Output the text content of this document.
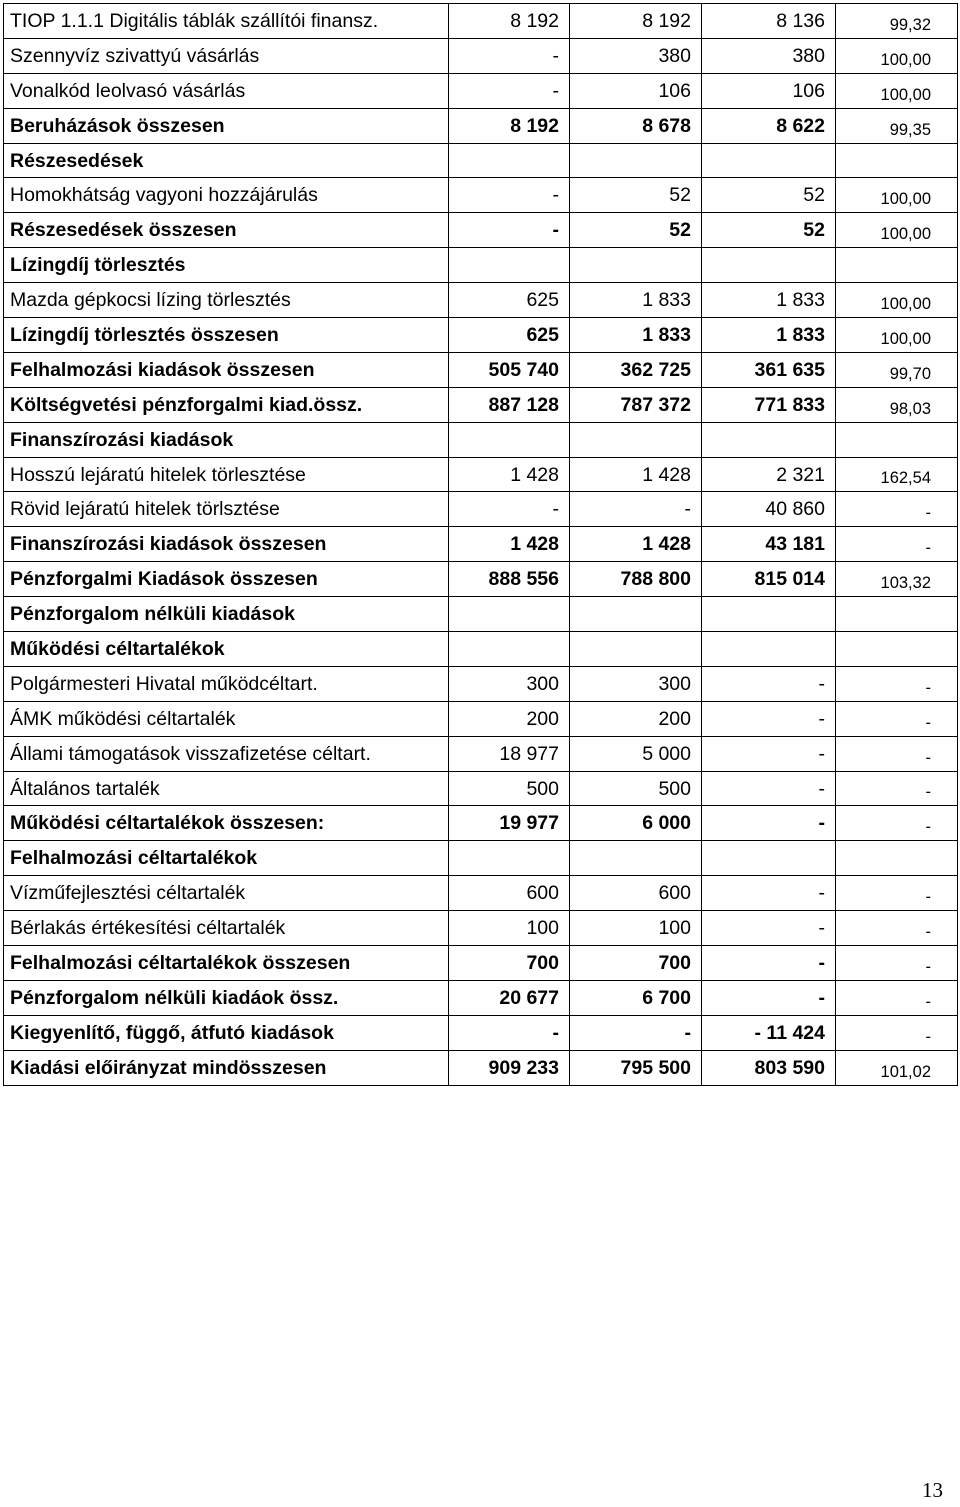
TIOP 1.1.1 Digitális táblák szállítói finansz.	8 192	8 192	8 136	99,32
Szennyvíz szivattyú vásárlás	-	380	380	100,00
Vonalkód leolvasó vásárlás	-	106	106	100,00
Beruházások összesen	8 192	8 678	8 622	99,35
Részesedések				
Homokhátság vagyoni hozzájárulás	-	52	52	100,00
Részesedések összesen	-	52	52	100,00
Lízingdíj törlesztés				
Mazda gépkocsi lízing törlesztés	625	1 833	1 833	100,00
Lízingdíj törlesztés összesen	625	1 833	1 833	100,00
Felhalmozási kiadások összesen	505 740	362 725	361 635	99,70
Költségvetési pénzforgalmi kiad.össz.	887 128	787 372	771 833	98,03
Finanszírozási kiadások				
Hosszú lejáratú hitelek törlesztése	1 428	1 428	2 321	162,54
Rövid lejáratú hitelek törlsztése	-	-	40 860	-
Finanszírozási kiadások összesen	1 428	1 428	43 181	-
Pénzforgalmi Kiadások összesen	888 556	788 800	815 014	103,32
Pénzforgalom nélküli kiadások				
Működési céltartalékok				
Polgármesteri Hivatal működcéltart.	300	300	-	-
ÁMK működési céltartalék	200	200	-	-
Állami támogatások visszafizetése céltart.	18 977	5 000	-	-
Általános tartalék	500	500	-	-
Működési céltartalékok összesen:	19 977	6 000	-	-
Felhalmozási céltartalékok				
Vízműfejlesztési céltartalék	600	600	-	-
Bérlakás értékesítési céltartalék	100	100	-	-
Felhalmozási céltartalékok összesen	700	700	-	-
Pénzforgalom nélküli kiadáok össz.	20 677	6 700	-	-
Kiegyenlítő, függő, átfutó kiadások	-	-	- 11 424	-
Kiadási előirányzat mindösszesen	909 233	795 500	803 590	101,02
13
